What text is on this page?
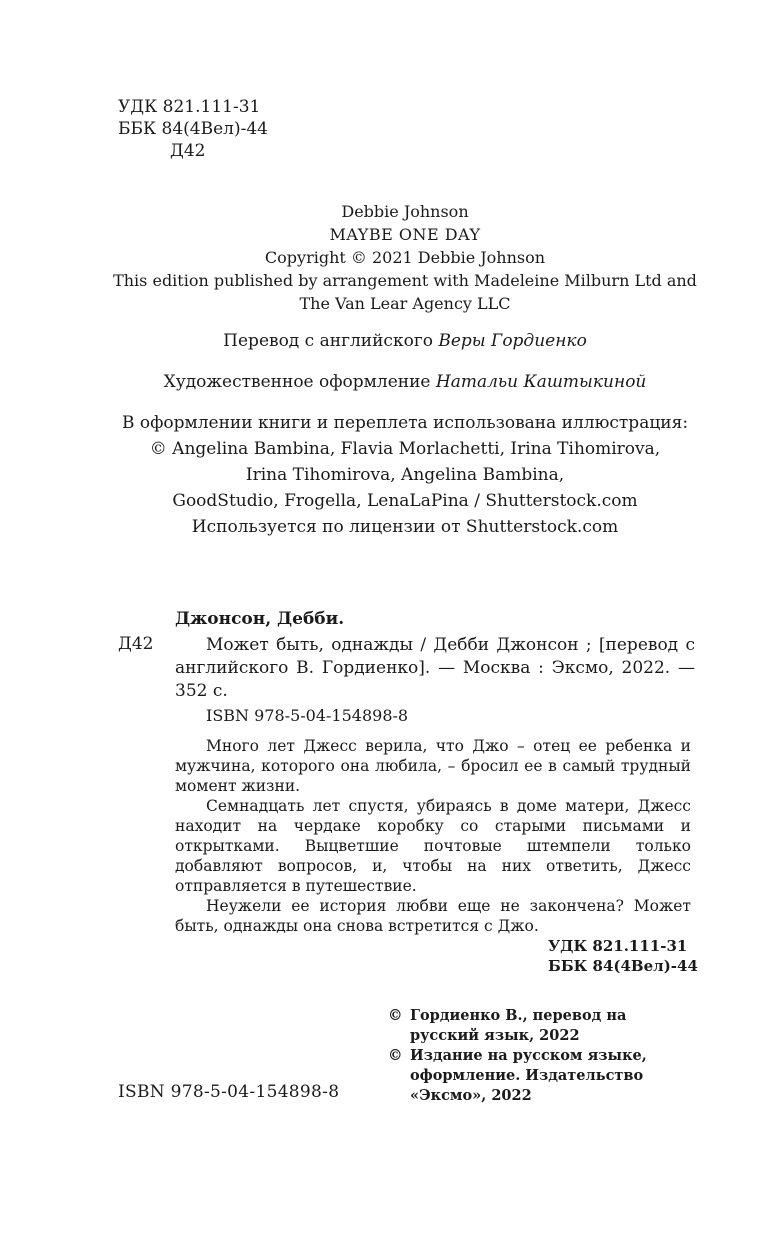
УДК 821.111-31
ББК 84(4Вел)-44
Д42
Debbie Johnson
MAYBE ONE DAY
Copyright © 2021 Debbie Johnson
This edition published by arrangement with Madeleine Milburn Ltd and
The Van Lear Agency LLC
Перевод с английского Веры Гордиенко
Художественное оформление Натальи Каштыкиной
В оформлении книги и переплета использована иллюстрация:
© Angelina Bambina, Flavia Morlachetti, Irina Tihomirova,
Irina Tihomirova, Angelina Bambina,
GoodStudio, Frogella, LenaLaPina / Shutterstock.com
Используется по лицензии от Shutterstock.com
Джонсон, Дебби.
Д42	Может быть, однажды / Дебби Джонсон ; [перевод с английского В. Гордиенко]. — Москва : Эксмо, 2022. — 352 с.
ISBN 978-5-04-154898-8

Много лет Джесс верила, что Джо – отец ее ребенка и мужчина, которого она любила, – бросил ее в самый трудный момент жизни.

Семнадцать лет спустя, убираясь в доме матери, Джесс находит на чердаке коробку со старыми письмами и открытками. Выцветшие почтовые штемпели только добавляют вопросов, и, чтобы на них ответить, Джесс отправляется в путешествие.

Неужели ее история любви еще не закончена? Может быть, однажды она снова встретится с Джо.

УДК 821.111-31
ББК 84(4Вел)-44
© Гордиенко В., перевод на русский язык, 2022
© Издание на русском языке, оформление. Издательство «Эксмо», 2022
ISBN 978-5-04-154898-8
